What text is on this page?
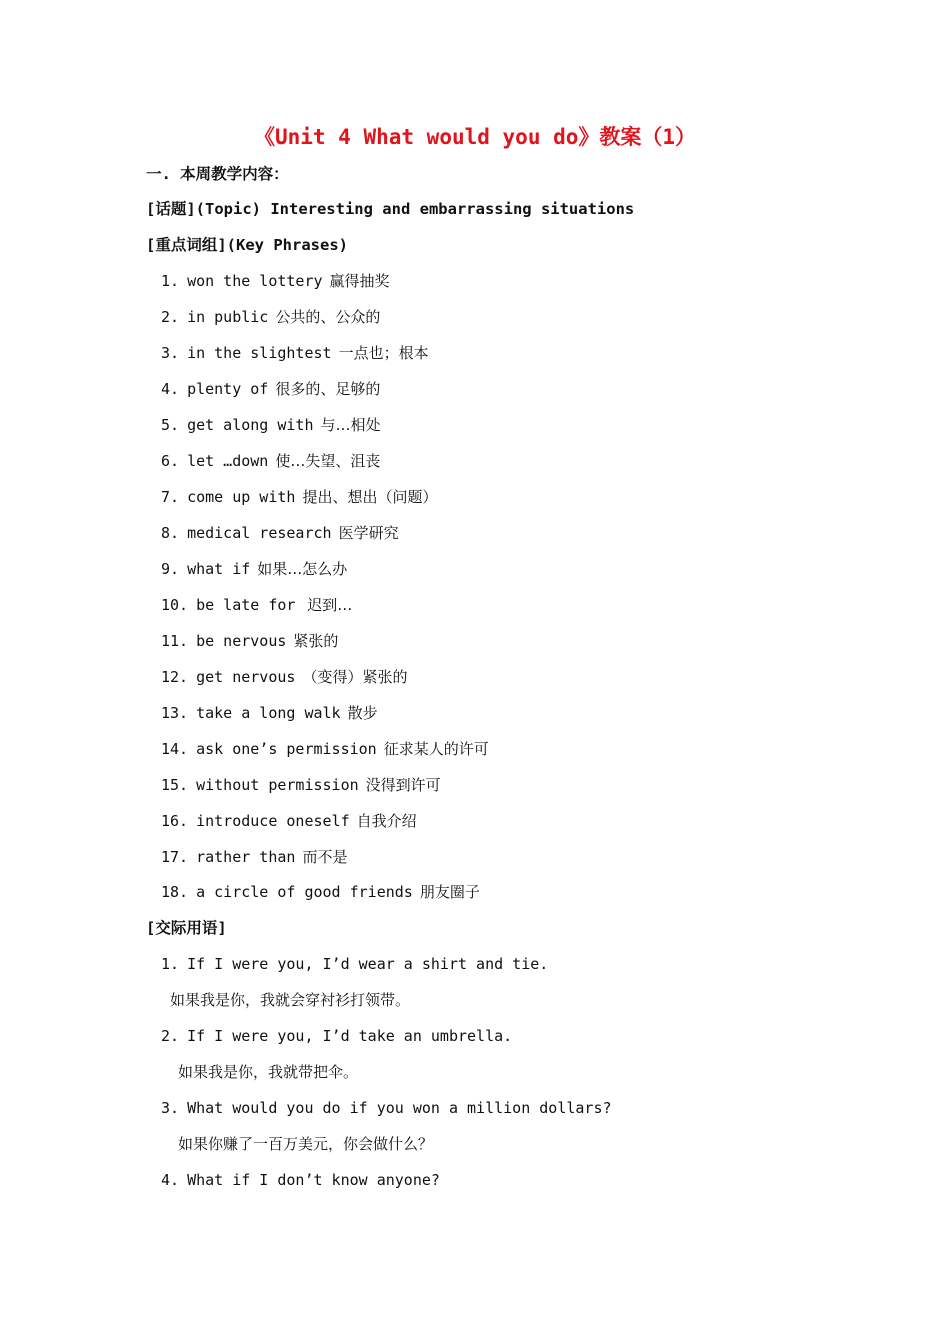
《Unit 4 What would you do》教案（1）
一. 本周教学内容：
[话题](Topic) Interesting and embarrassing situations
[重点词组](Key Phrases)
1. won the lottery 赢得抽奖
2. in public 公共的、公众的
3. in the slightest 一点也；根本
4. plenty of 很多的、足够的
5. get along with 与…相处
6. let …down 使…失望、沮丧
7. come up with 提出、想出（问题）
8. medical research 医学研究
9. what if 如果…怎么办
10. be late for 迟到…
11. be nervous 紧张的
12. get nervous （变得）紧张的
13. take a long walk 散步
14. ask one’s permission 征求某人的许可
15. without permission 没得到许可
16. introduce oneself 自我介绍
17. rather than 而不是
18. a circle of good friends 朋友圈子
[交际用语]
1. If I were you, I’d wear a shirt and tie.
如果我是你，我就会穿衬衫打领带。
2. If I were you, I’d take an umbrella.
如果我是你，我就带把伞。
3. What would you do if you won a million dollars?
如果你赚了一百万美元，你会做什么？
4. What if I don’t know anyone?
